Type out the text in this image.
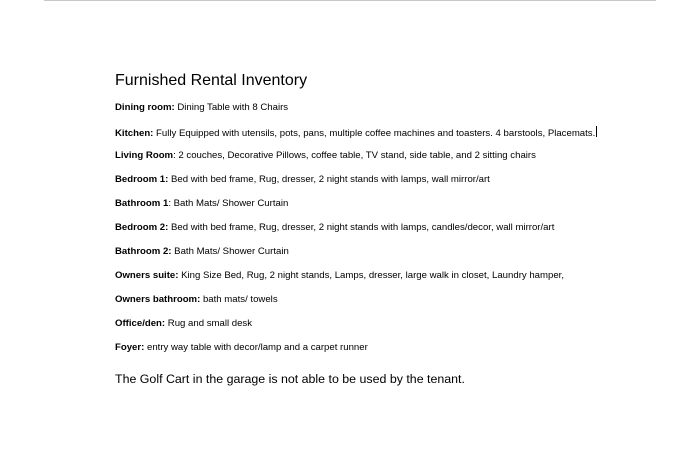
Furnished Rental Inventory
Dining room: Dining Table with 8 Chairs
Kitchen: Fully Equipped with utensils, pots, pans, multiple coffee machines and toasters. 4 barstools, Placemats.
Living Room: 2 couches, Decorative Pillows, coffee table, TV stand, side table, and 2 sitting chairs
Bedroom 1: Bed with bed frame, Rug, dresser, 2 night stands with lamps, wall mirror/art
Bathroom 1: Bath Mats/ Shower Curtain
Bedroom 2: Bed with bed frame, Rug, dresser, 2 night stands with lamps, candles/decor, wall mirror/art
Bathroom 2: Bath Mats/ Shower Curtain
Owners suite: King Size Bed, Rug, 2 night stands, Lamps, dresser, large walk in closet, Laundry hamper,
Owners bathroom: bath mats/ towels
Office/den: Rug and small desk
Foyer: entry way table with decor/lamp and a carpet runner

The Golf Cart in the garage is not able to be used by the tenant.
